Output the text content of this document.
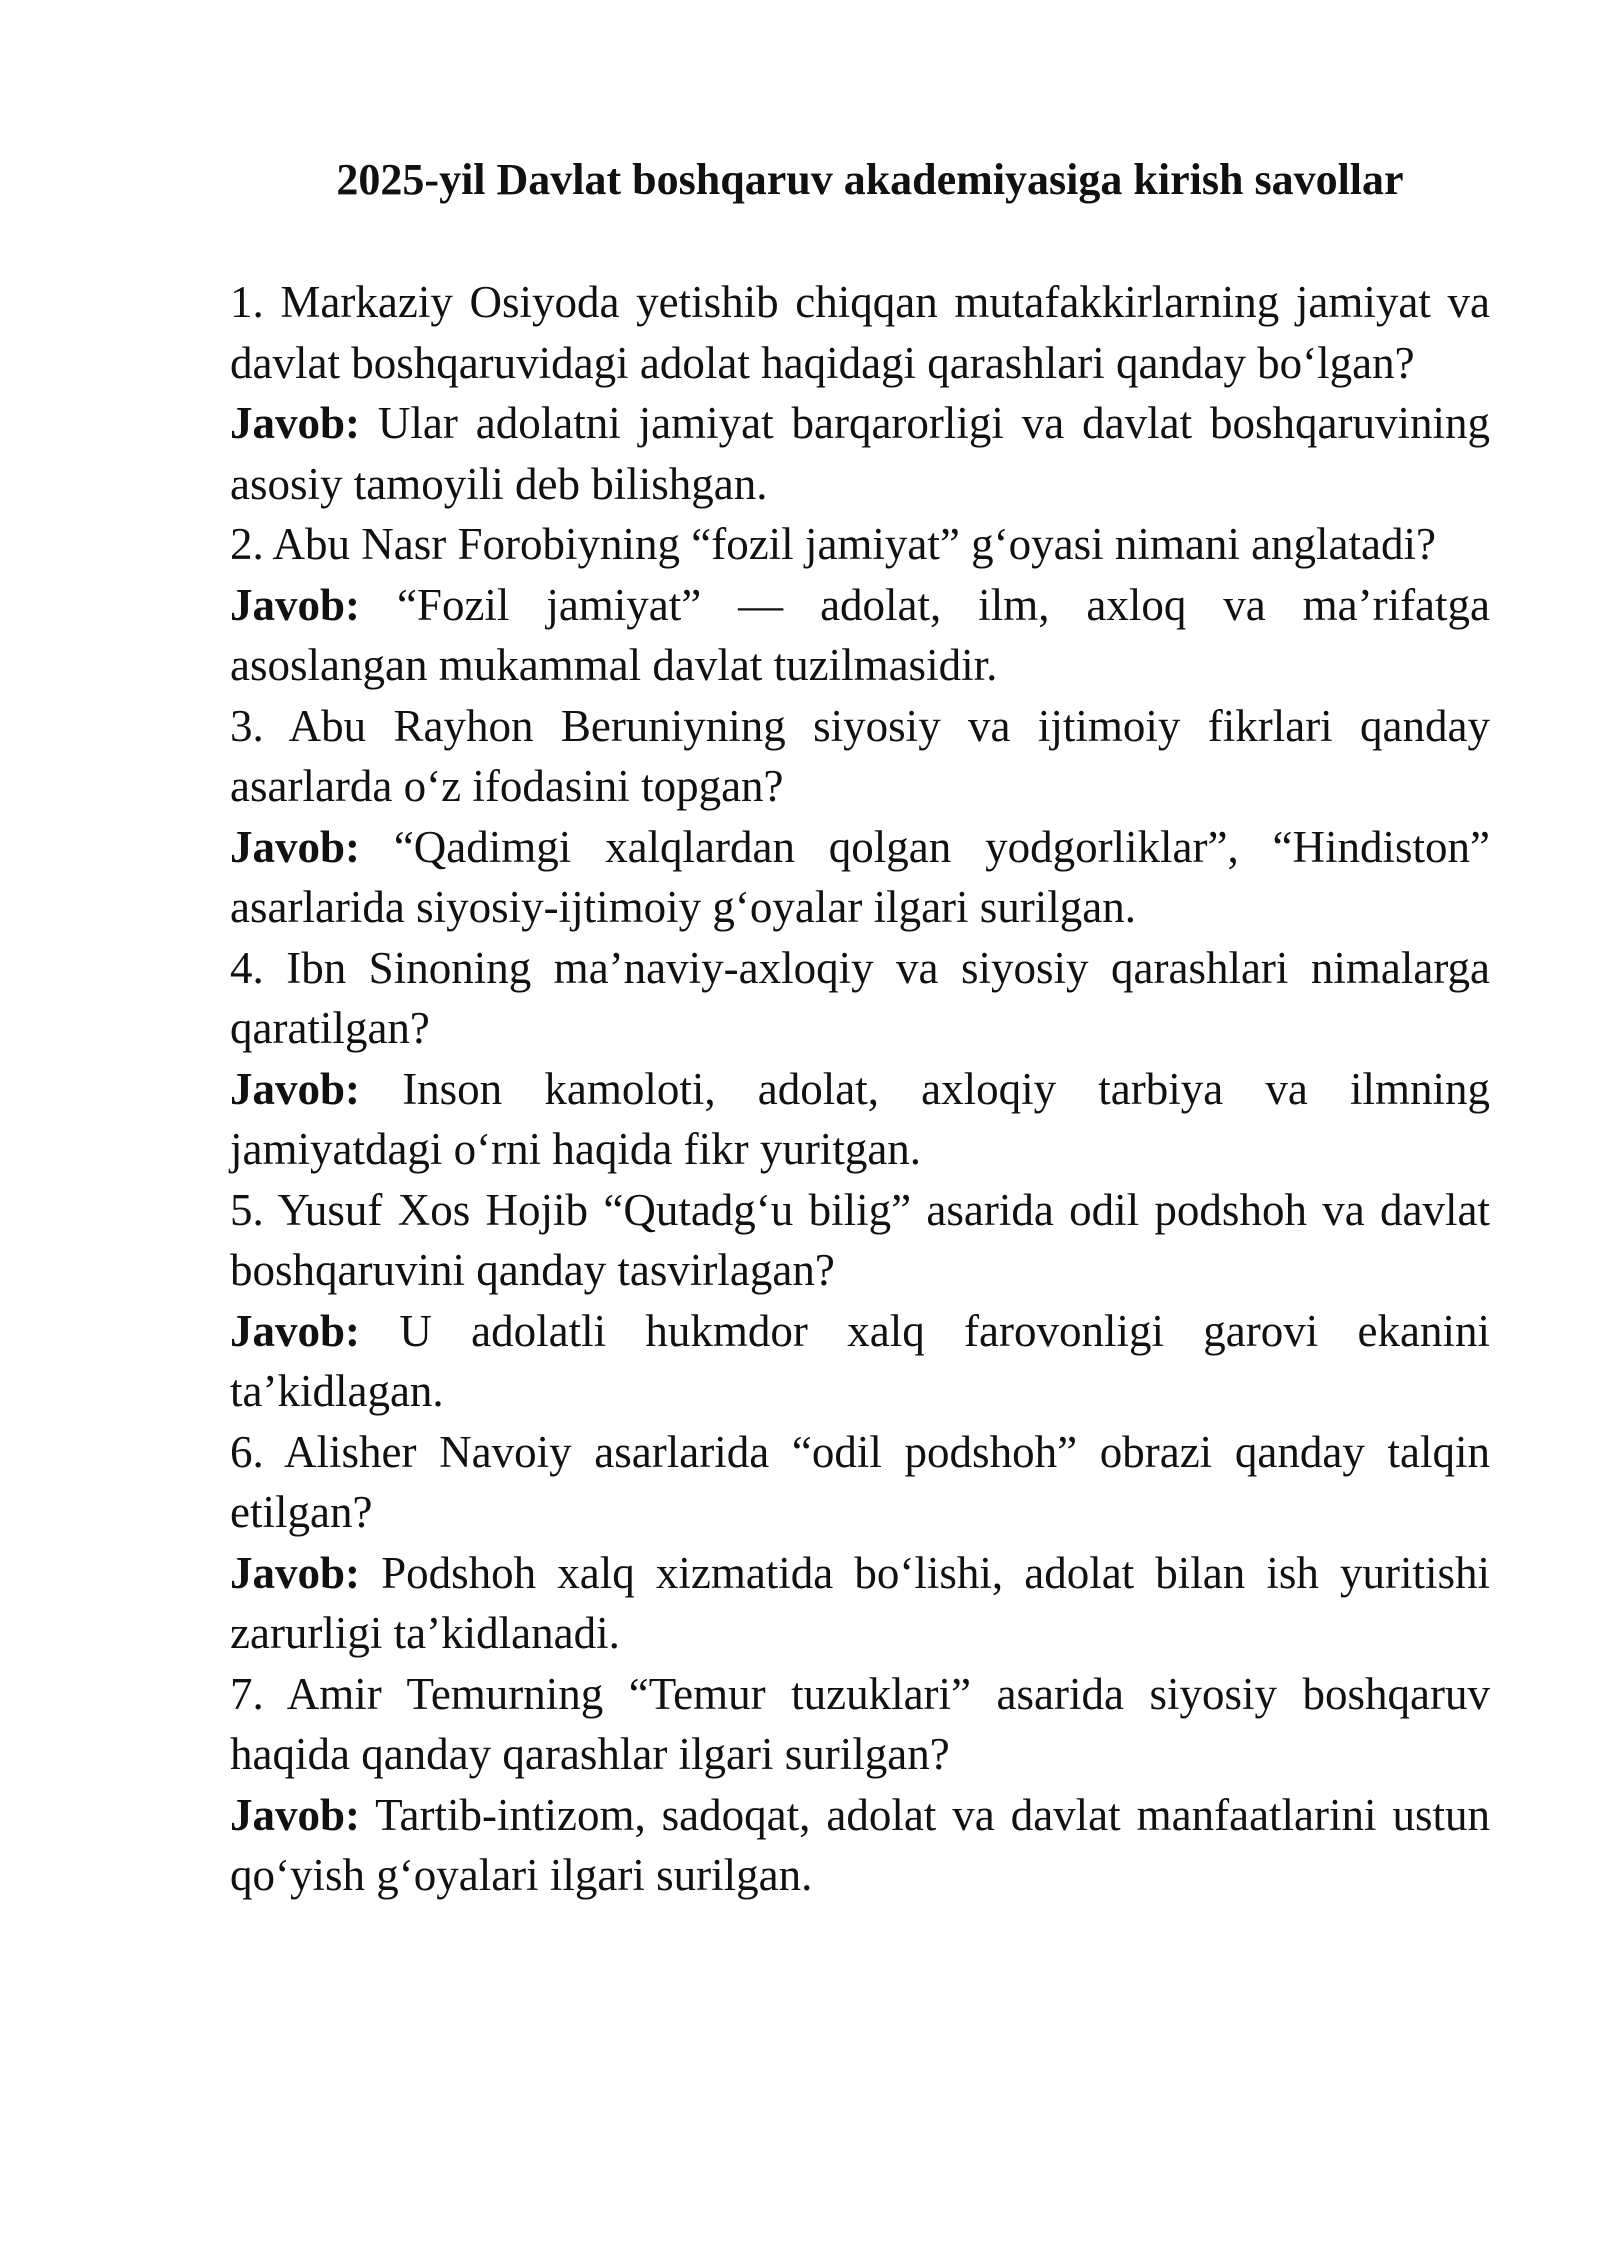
2025-yil Davlat boshqaruv akademiyasiga kirish savollar

1. Markaziy Osiyoda yetishib chiqqan mutafakkirlarning jamiyat va davlat boshqaruvidagi adolat haqidagi qarashlari qanday bo‘lgan?

Javob: Ular adolatni jamiyat barqarorligi va davlat boshqaruvining asosiy tamoyili deb bilishgan.

2. Abu Nasr Forobiyning “fozil jamiyat” g‘oyasi nimani anglatadi?

Javob: “Fozil jamiyat” — adolat, ilm, axloq va ma’rifatga asoslangan mukammal davlat tuzilmasidir.

3. Abu Rayhon Beruniyning siyosiy va ijtimoiy fikrlari qanday asarlarda o‘z ifodasini topgan?

Javob: “Qadimgi xalqlardan qolgan yodgorliklar”, “Hindiston” asarlarida siyosiy-ijtimoiy g‘oyalar ilgari surilgan.

4. Ibn Sinoning ma’naviy-axloqiy va siyosiy qarashlari nimalarga qaratilgan?

Javob: Inson kamoloti, adolat, axloqiy tarbiya va ilmning jamiyatdagi o‘rni haqida fikr yuritgan.

5. Yusuf Xos Hojib “Qutadg‘u bilig” asarida odil podshoh va davlat boshqaruvini qanday tasvirlagan?

Javob: U adolatli hukmdor xalq farovonligi garovi ekanini ta’kidlagan.

6. Alisher Navoiy asarlarida “odil podshoh” obrazi qanday talqin etilgan?

Javob: Podshoh xalq xizmatida bo‘lishi, adolat bilan ish yuritishi zarurligi ta’kidlanadi.

7. Amir Temurning “Temur tuzuklari” asarida siyosiy boshqaruv haqida qanday qarashlar ilgari surilgan?

Javob: Tartib-intizom, sadoqat, adolat va davlat manfaatlarini ustun qo‘yish g‘oyalari ilgari surilgan.
